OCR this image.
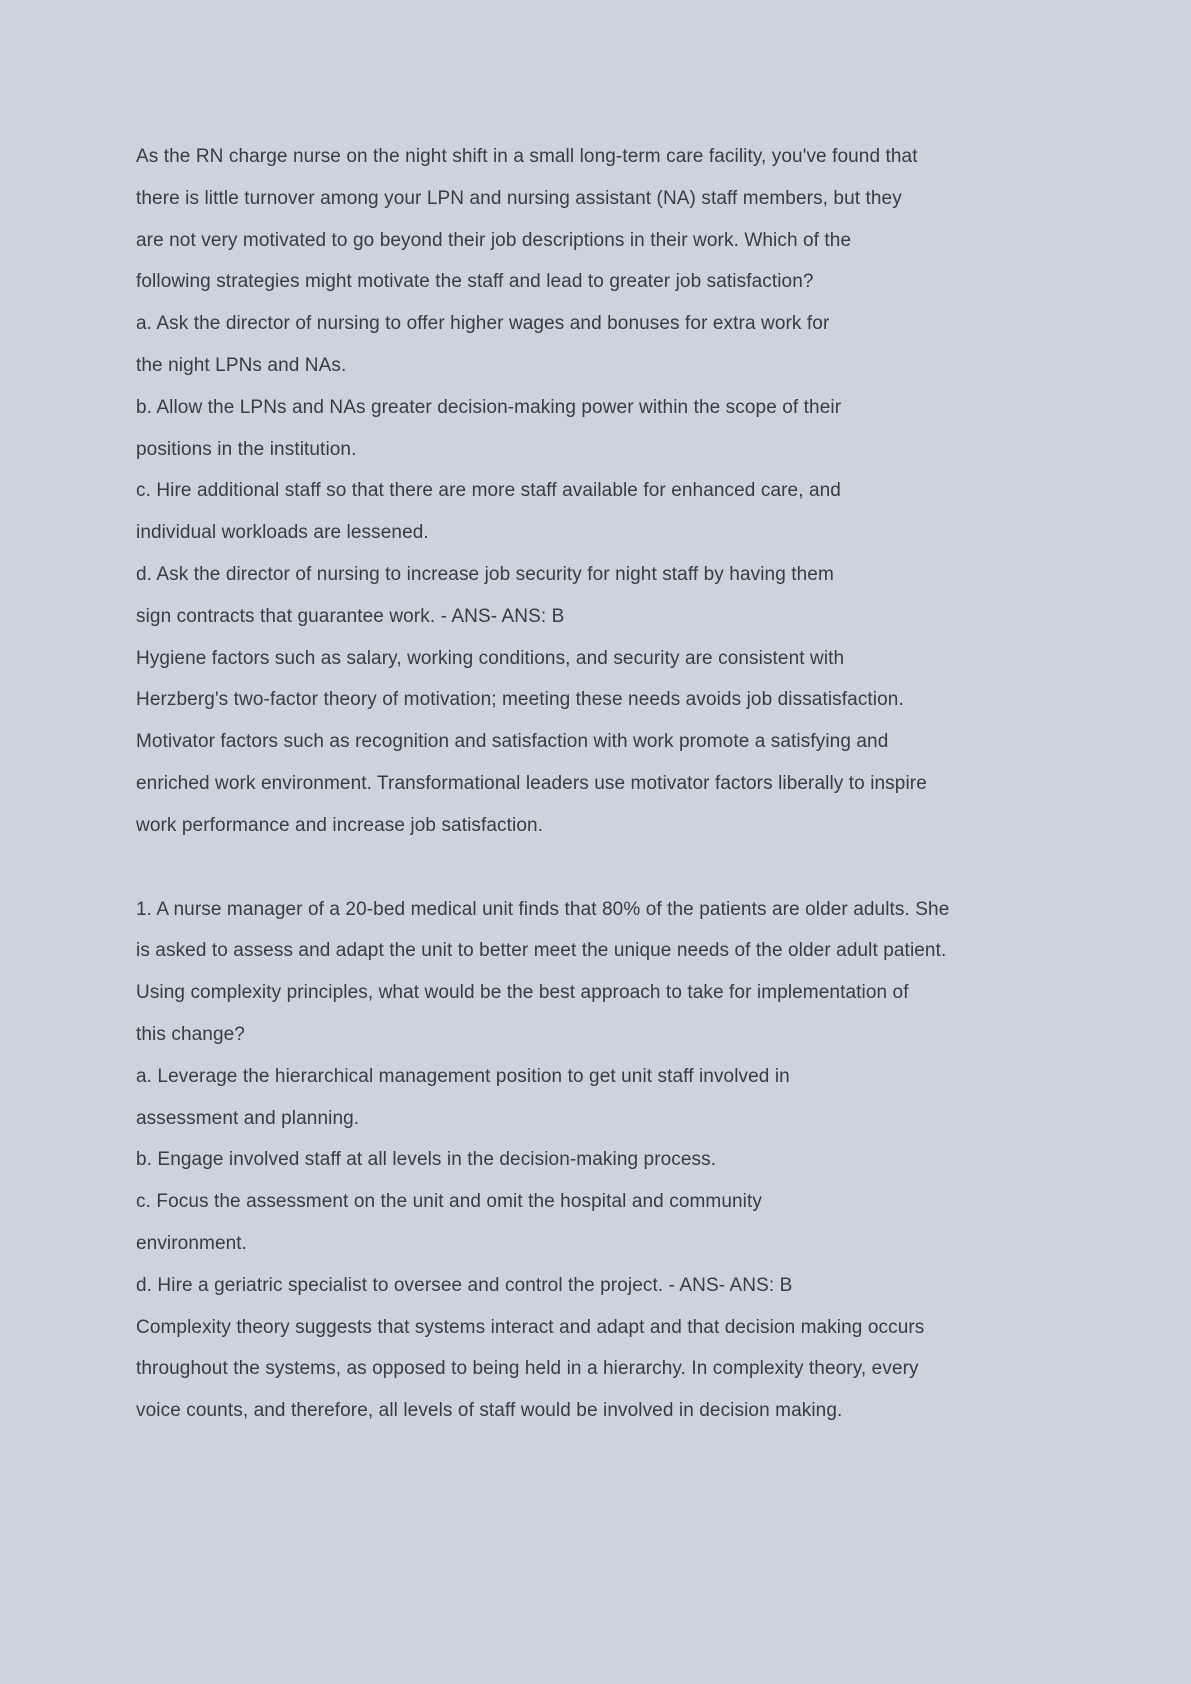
As the RN charge nurse on the night shift in a small long-term care facility, you've found that
there is little turnover among your LPN and nursing assistant (NA) staff members, but they
are not very motivated to go beyond their job descriptions in their work. Which of the
following strategies might motivate the staff and lead to greater job satisfaction?
a. Ask the director of nursing to offer higher wages and bonuses for extra work for
the night LPNs and NAs.
b. Allow the LPNs and NAs greater decision-making power within the scope of their
positions in the institution.
c. Hire additional staff so that there are more staff available for enhanced care, and
individual workloads are lessened.
d. Ask the director of nursing to increase job security for night staff by having them
sign contracts that guarantee work. - ANS- ANS: B
Hygiene factors such as salary, working conditions, and security are consistent with
Herzberg's two-factor theory of motivation; meeting these needs avoids job dissatisfaction.
Motivator factors such as recognition and satisfaction with work promote a satisfying and
enriched work environment. Transformational leaders use motivator factors liberally to inspire
work performance and increase job satisfaction.
1. A nurse manager of a 20-bed medical unit finds that 80% of the patients are older adults. She
is asked to assess and adapt the unit to better meet the unique needs of the older adult patient.
Using complexity principles, what would be the best approach to take for implementation of
this change?
a. Leverage the hierarchical management position to get unit staff involved in
assessment and planning.
b. Engage involved staff at all levels in the decision-making process.
c. Focus the assessment on the unit and omit the hospital and community
environment.
d. Hire a geriatric specialist to oversee and control the project. - ANS- ANS: B
Complexity theory suggests that systems interact and adapt and that decision making occurs
throughout the systems, as opposed to being held in a hierarchy. In complexity theory, every
voice counts, and therefore, all levels of staff would be involved in decision making.
